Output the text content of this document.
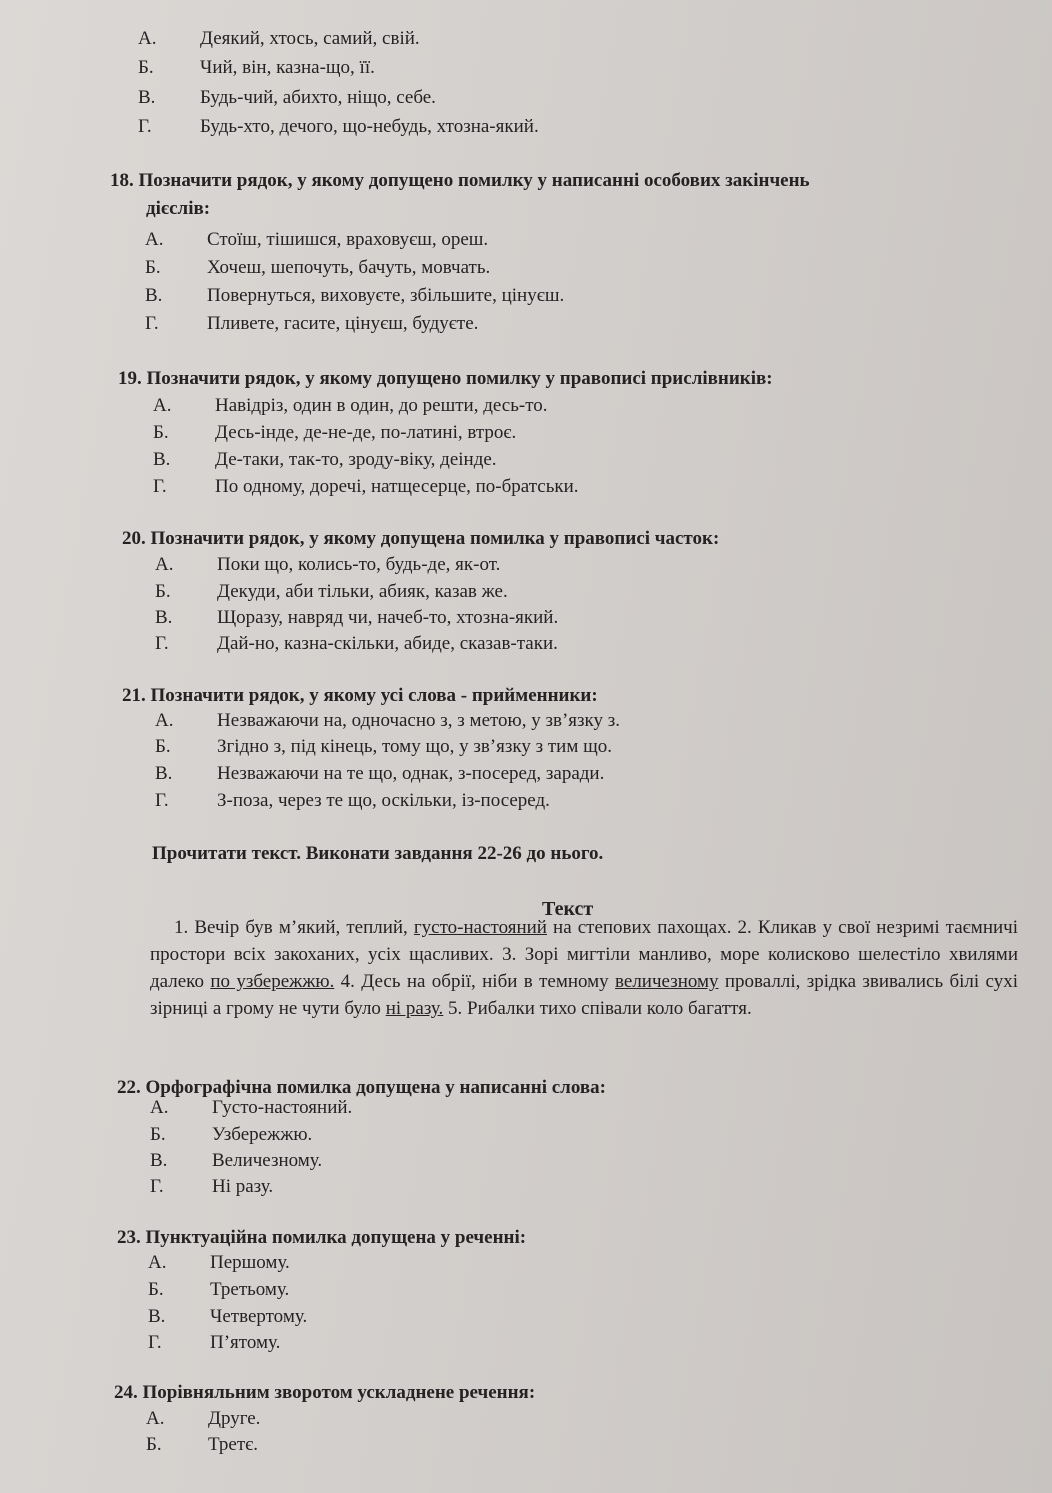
А. Деякий, хтось, самий, свій.
Б. Чий, він, казна-що, її.
В. Будь-чий, абихто, ніщо, себе.
Г.	Будь-хто, дечого, що-небудь, хтозна-який.
18. Позначити рядок, у якому допущено помилку у написанні особових закінчень
дієслів:
А. Стоїш, тішишся, враховуєш, ореш.
Б. Хочеш, шепочуть, бачуть, мовчать.
В. Повернуться, виховуєте, збільшите, цінуєш.
Г.	Пливете, гасите, цінуєш, будуєте.
19. Позначити рядок, у якому допущено помилку у правописі прислівників:
А. Навідріз, один в один, до решти, десь-то.
Б. Десь-інде, де-не-де, по-латині, втроє.
В. Де-таки, так-то, зроду-віку, деінде.
Г.	По одному, доречі, натщесерце, по-братськи.
20. Позначити рядок, у якому допущена помилка у правописі часток:
А. Поки що, колись-то, будь-де, як-от.
Б. Декуди, аби тільки, абияк, казав же.
В. Щоразу, навряд чи, начеб-то, хтозна-який.
Г.	Дай-но, казна-скільки, абиде, сказав-таки.
21. Позначити рядок, у якому усі слова - прийменники:
А. Незважаючи на, одночасно з, з метою, у зв’язку з.
Б. Згідно з, під кінець, тому що, у зв’язку з тим що.
В. Незважаючи на те що, однак, з-посеред, заради.
Г.	З-поза, через те що, оскільки, із-посеред.
Прочитати текст. Виконати завдання 22-26 до нього.
Текст
1. Вечір був м’який, теплий, густо-настояний на степових пахощах. 2. Кликав у свої незримі таємничі простори всіх закоханих, усіх щасливих. 3. Зорі мигтіли манливо, море колисково шелестіло хвилями далеко по узбережжю. 4. Десь на обрії, ніби в темному величезному проваллі, зрідка звивались білі сухі зірниці а грому не чути було ні разу. 5. Рибалки тихо співали коло багаття.
22. Орфографічна помилка допущена у написанні слова:
А. Густо-настояний.
Б. Узбережжю.
В. Величезному.
Г.	Ні разу.
23. Пунктуаційна помилка допущена у реченні:
А. Першому.
Б. Третьому.
В. Четвертому.
Г.	П’ятому.
24. Порівняльним зворотом ускладнене речення:
А. Друге.
Б. Третє.
